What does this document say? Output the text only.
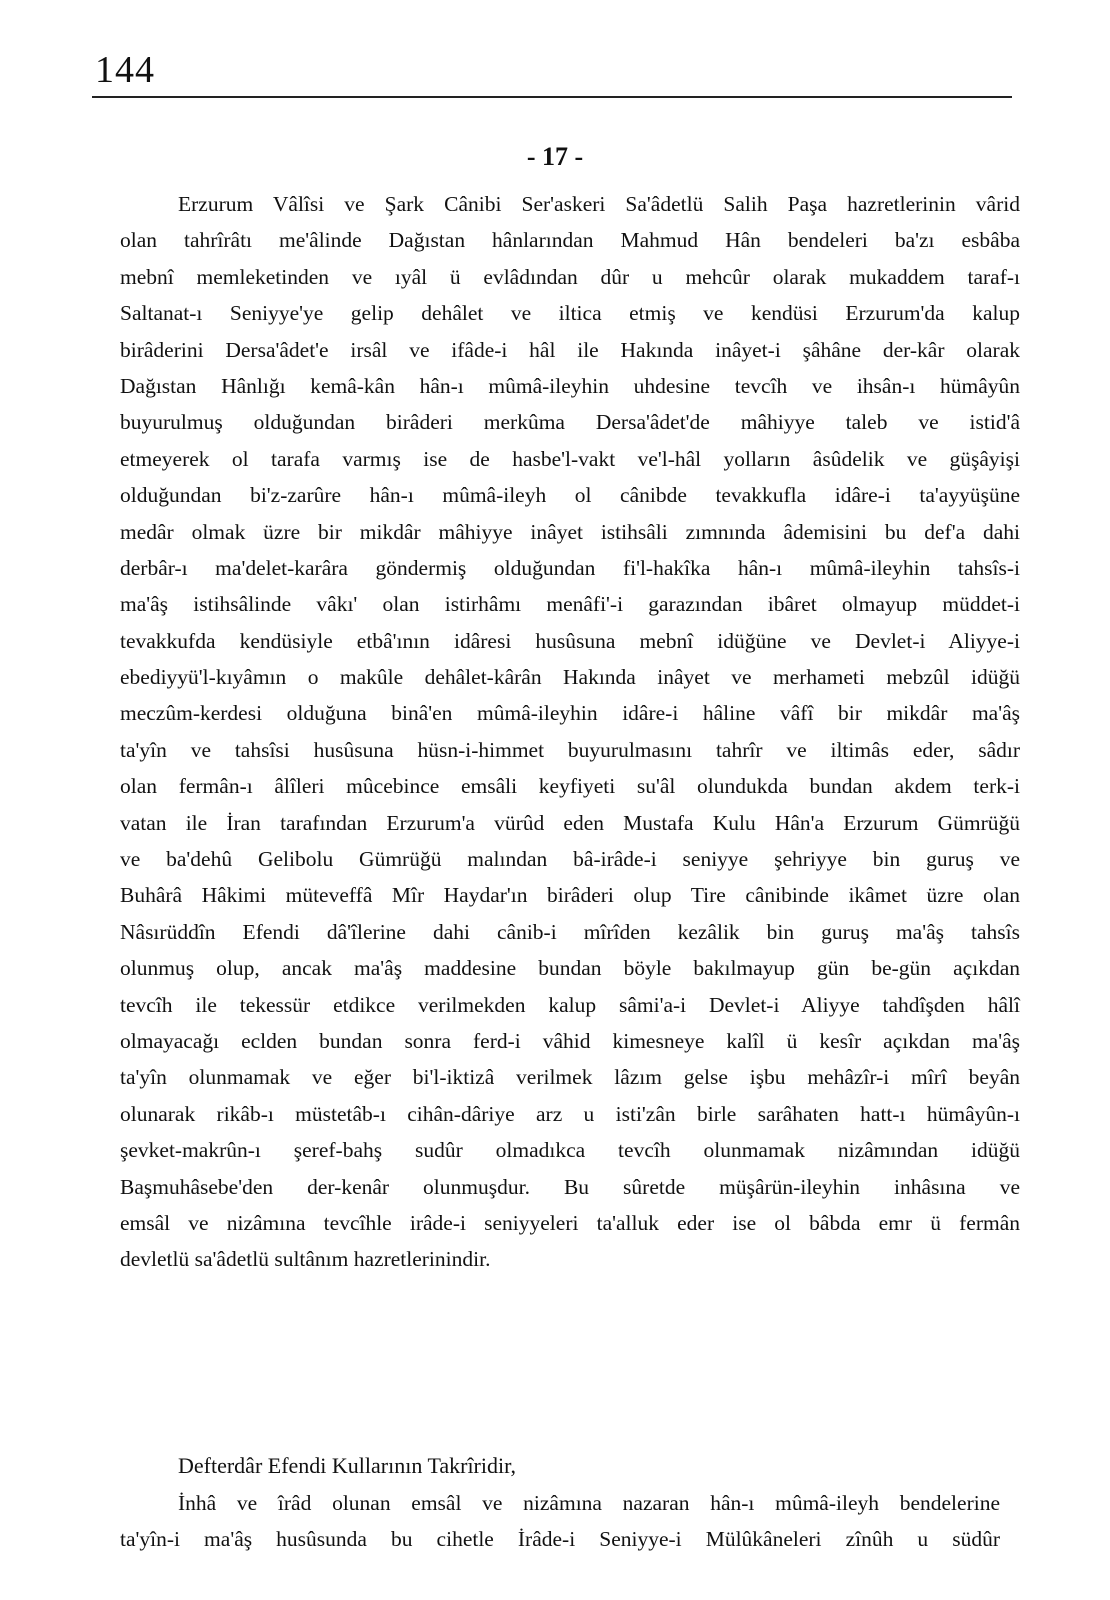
144
- 17 -
Erzurum Vâlîsi ve Şark Cânibi Ser'askeri Sa'âdetlü Salih Paşa hazretlerinin vârid
olan tahrîrâtı me'âlinde Dağıstan hânlarından Mahmud Hân bendeleri ba'zı esbâba
mebnî memleketinden ve ıyâl ü evlâdından dûr u mehcûr olarak mukaddem taraf-ı
Saltanat-ı Seniyye'ye gelip dehâlet ve iltica etmiş ve kendüsi Erzurum'da kalup
birâderini Dersa'âdet'e irsâl ve ifâde-i hâl ile Hakında inâyet-i şâhâne der-kâr olarak
Dağıstan Hânlığı kemâ-kân hân-ı mûmâ-ileyhin uhdesine tevcîh ve ihsân-ı hümâyûn
buyurulmuş olduğundan birâderi merkûma Dersa'âdet'de mâhiyye taleb ve istid'â
etmeyerek ol tarafa varmış ise de hasbe'l-vakt ve'l-hâl yolların âsûdelik ve güşâyişi
olduğundan bi'z-zarûre hân-ı mûmâ-ileyh ol cânibde tevakkufla idâre-i ta'ayyüşüne
medâr olmak üzre bir mikdâr mâhiyye inâyet istihsâli zımnında âdemisini bu def'a dahi
derbâr-ı ma'delet-karâra göndermiş olduğundan fi'l-hakîka hân-ı mûmâ-ileyhin tahsîs-i
ma'âş istihsâlinde vâkı' olan istirhâmı menâfi'-i garazından ibâret olmayup müddet-i
tevakkufda kendüsiyle etbâ'ının idâresi husûsuna mebnî idüğüne ve Devlet-i Aliyye-i
ebediyyü'l-kıyâmın o makûle dehâlet-kârân Hakında inâyet ve merhameti mebzûl idüğü
meczûm-kerdesi olduğuna binâ'en mûmâ-ileyhin idâre-i hâline vâfî bir mikdâr ma'âş
ta'yîn ve tahsîsi husûsuna hüsn-i-himmet buyurulmasını tahrîr ve iltimâs eder, sâdır
olan fermân-ı âlîleri mûcebince emsâli keyfiyeti su'âl olundukda bundan akdem terk-i
vatan ile İran tarafından Erzurum'a vürûd eden Mustafa Kulu Hân'a Erzurum Gümrüğü
ve ba'dehû Gelibolu Gümrüğü malından bâ-irâde-i seniyye şehriyye bin guruş ve
Buhârâ Hâkimi müteveffâ Mîr Haydar'ın birâderi olup Tire cânibinde ikâmet üzre olan
Nâsırüddîn Efendi dâ'îlerine dahi cânib-i mîrîden kezâlik bin guruş ma'âş tahsîs
olunmuş olup, ancak ma'âş maddesine bundan böyle bakılmayup gün be-gün açıkdan
tevcîh ile tekessür etdikce verilmekden kalup sâmi'a-i Devlet-i Aliyye tahdîşden hâlî
olmayacağı eclden bundan sonra ferd-i vâhid kimesneye kalîl ü kesîr açıkdan ma'âş
ta'yîn olunmamak ve eğer bi'l-iktizâ verilmek lâzım gelse işbu mehâzîr-i mîrî beyân
olunarak rikâb-ı müstetâb-ı cihân-dâriye arz u isti'zân birle sarâhaten hatt-ı hümâyûn-ı
şevket-makrûn-ı şeref-bahş sudûr olmadıkca tevcîh olunmamak nizâmından idüğü
Başmuhâsebe'den der-kenâr olunmuşdur. Bu sûretde müşârün-ileyhin inhâsına ve
emsâl ve nizâmına tevcîhle irâde-i seniyyeleri ta'alluk eder ise ol bâbda emr ü fermân
devletlü sa'âdetlü sultânım hazretlerinindir.
Defterdâr Efendi Kullarının Takrîridir,
İnhâ ve îrâd olunan emsâl ve nizâmına nazaran hân-ı mûmâ-ileyh bendelerine
ta'yîn-i ma'âş husûsunda bu cihetle İrâde-i Seniyye-i Mülûkâneleri zînûh u südûr
